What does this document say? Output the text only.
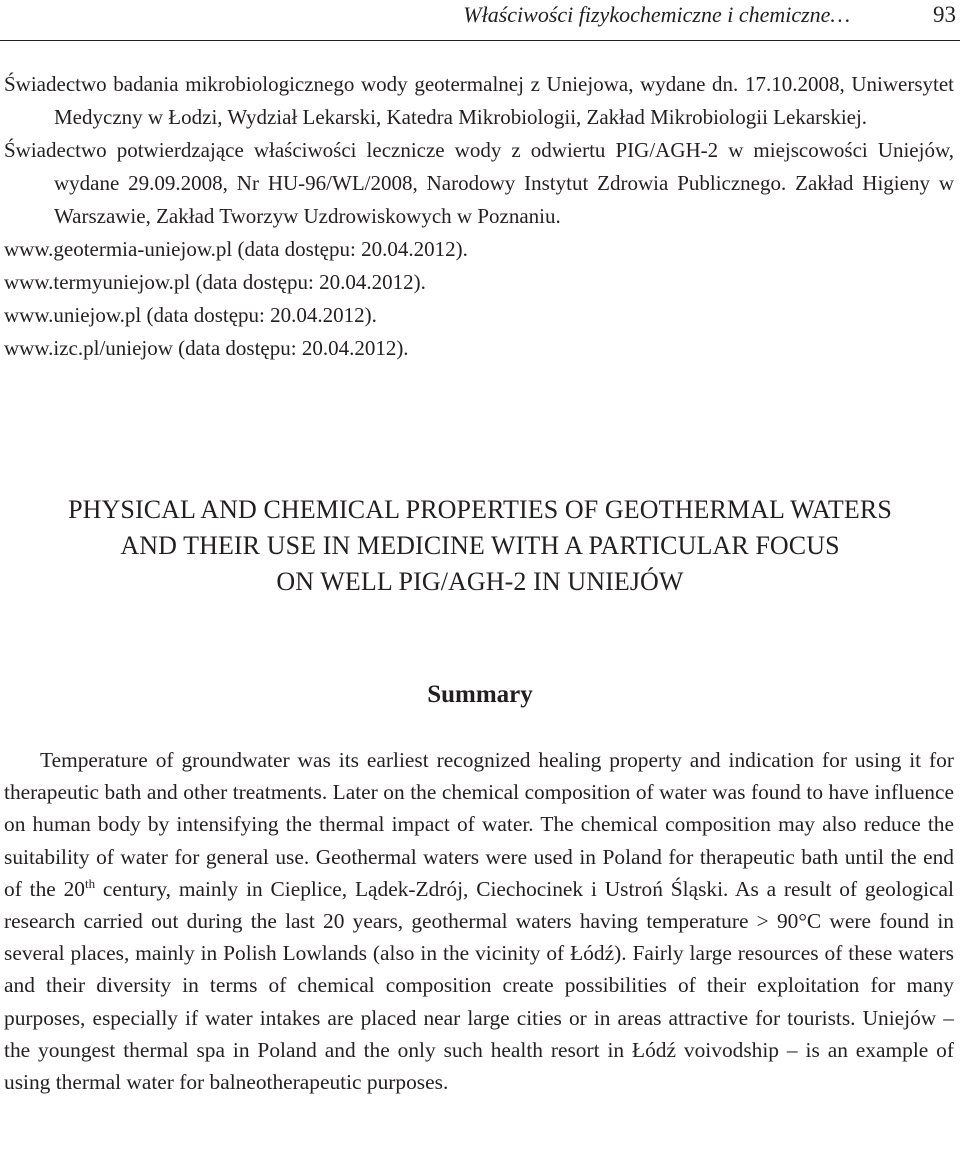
Właściwości fizykochemiczne i chemiczne…	93

Świadectwo badania mikrobiologicznego wody geotermalnej z Uniejowa, wydane dn. 17.10.2008, Uniwersytet Medyczny w Łodzi, Wydział Lekarski, Katedra Mikrobiologii, Zakład Mikrobiologii Lekarskiej.

Świadectwo potwierdzające właściwości lecznicze wody z odwiertu PIG/AGH-2 w miejscowości Uniejów, wydane 29.09.2008, Nr HU-96/WL/2008, Narodowy Instytut Zdrowia Publicznego. Zakład Higieny w Warszawie, Zakład Tworzyw Uzdrowiskowych w Poznaniu.

www.geotermia-uniejow.pl (data dostępu: 20.04.2012).

www.termyuniejow.pl (data dostępu: 20.04.2012).

www.uniejow.pl (data dostępu: 20.04.2012).

www.izc.pl/uniejow (data dostępu: 20.04.2012).

PHYSICAL AND CHEMICAL PROPERTIES OF GEOTHERMAL WATERS
AND THEIR USE IN MEDICINE WITH A PARTICULAR FOCUS
ON WELL PIG/AGH-2 IN UNIEJÓW
Summary

Temperature of groundwater was its earliest recognized healing property and indication for using it for therapeutic bath and other treatments. Later on the chemical composition of water was found to have influence on human body by intensifying the thermal impact of water. The chemical composition may also reduce the suitability of water for general use. Geothermal waters were used in Poland for therapeutic bath until the end of the 20th century, mainly in Cieplice, Lądek-Zdrój, Ciechocinek i Ustroń Śląski. As a result of geological research carried out during the last 20 years, geothermal waters having temperature > 90°C were found in several places, mainly in Polish Lowlands (also in the vicinity of Łódź). Fairly large resources of these waters and their diversity in terms of chemical composition create possibilities of their exploitation for many purposes, especially if water intakes are placed near large cities or in areas attractive for tourists. Uniejów – the youngest thermal spa in Poland and the only such health resort in Łódź voivodship – is an example of using thermal water for balneotherapeutic purposes.
